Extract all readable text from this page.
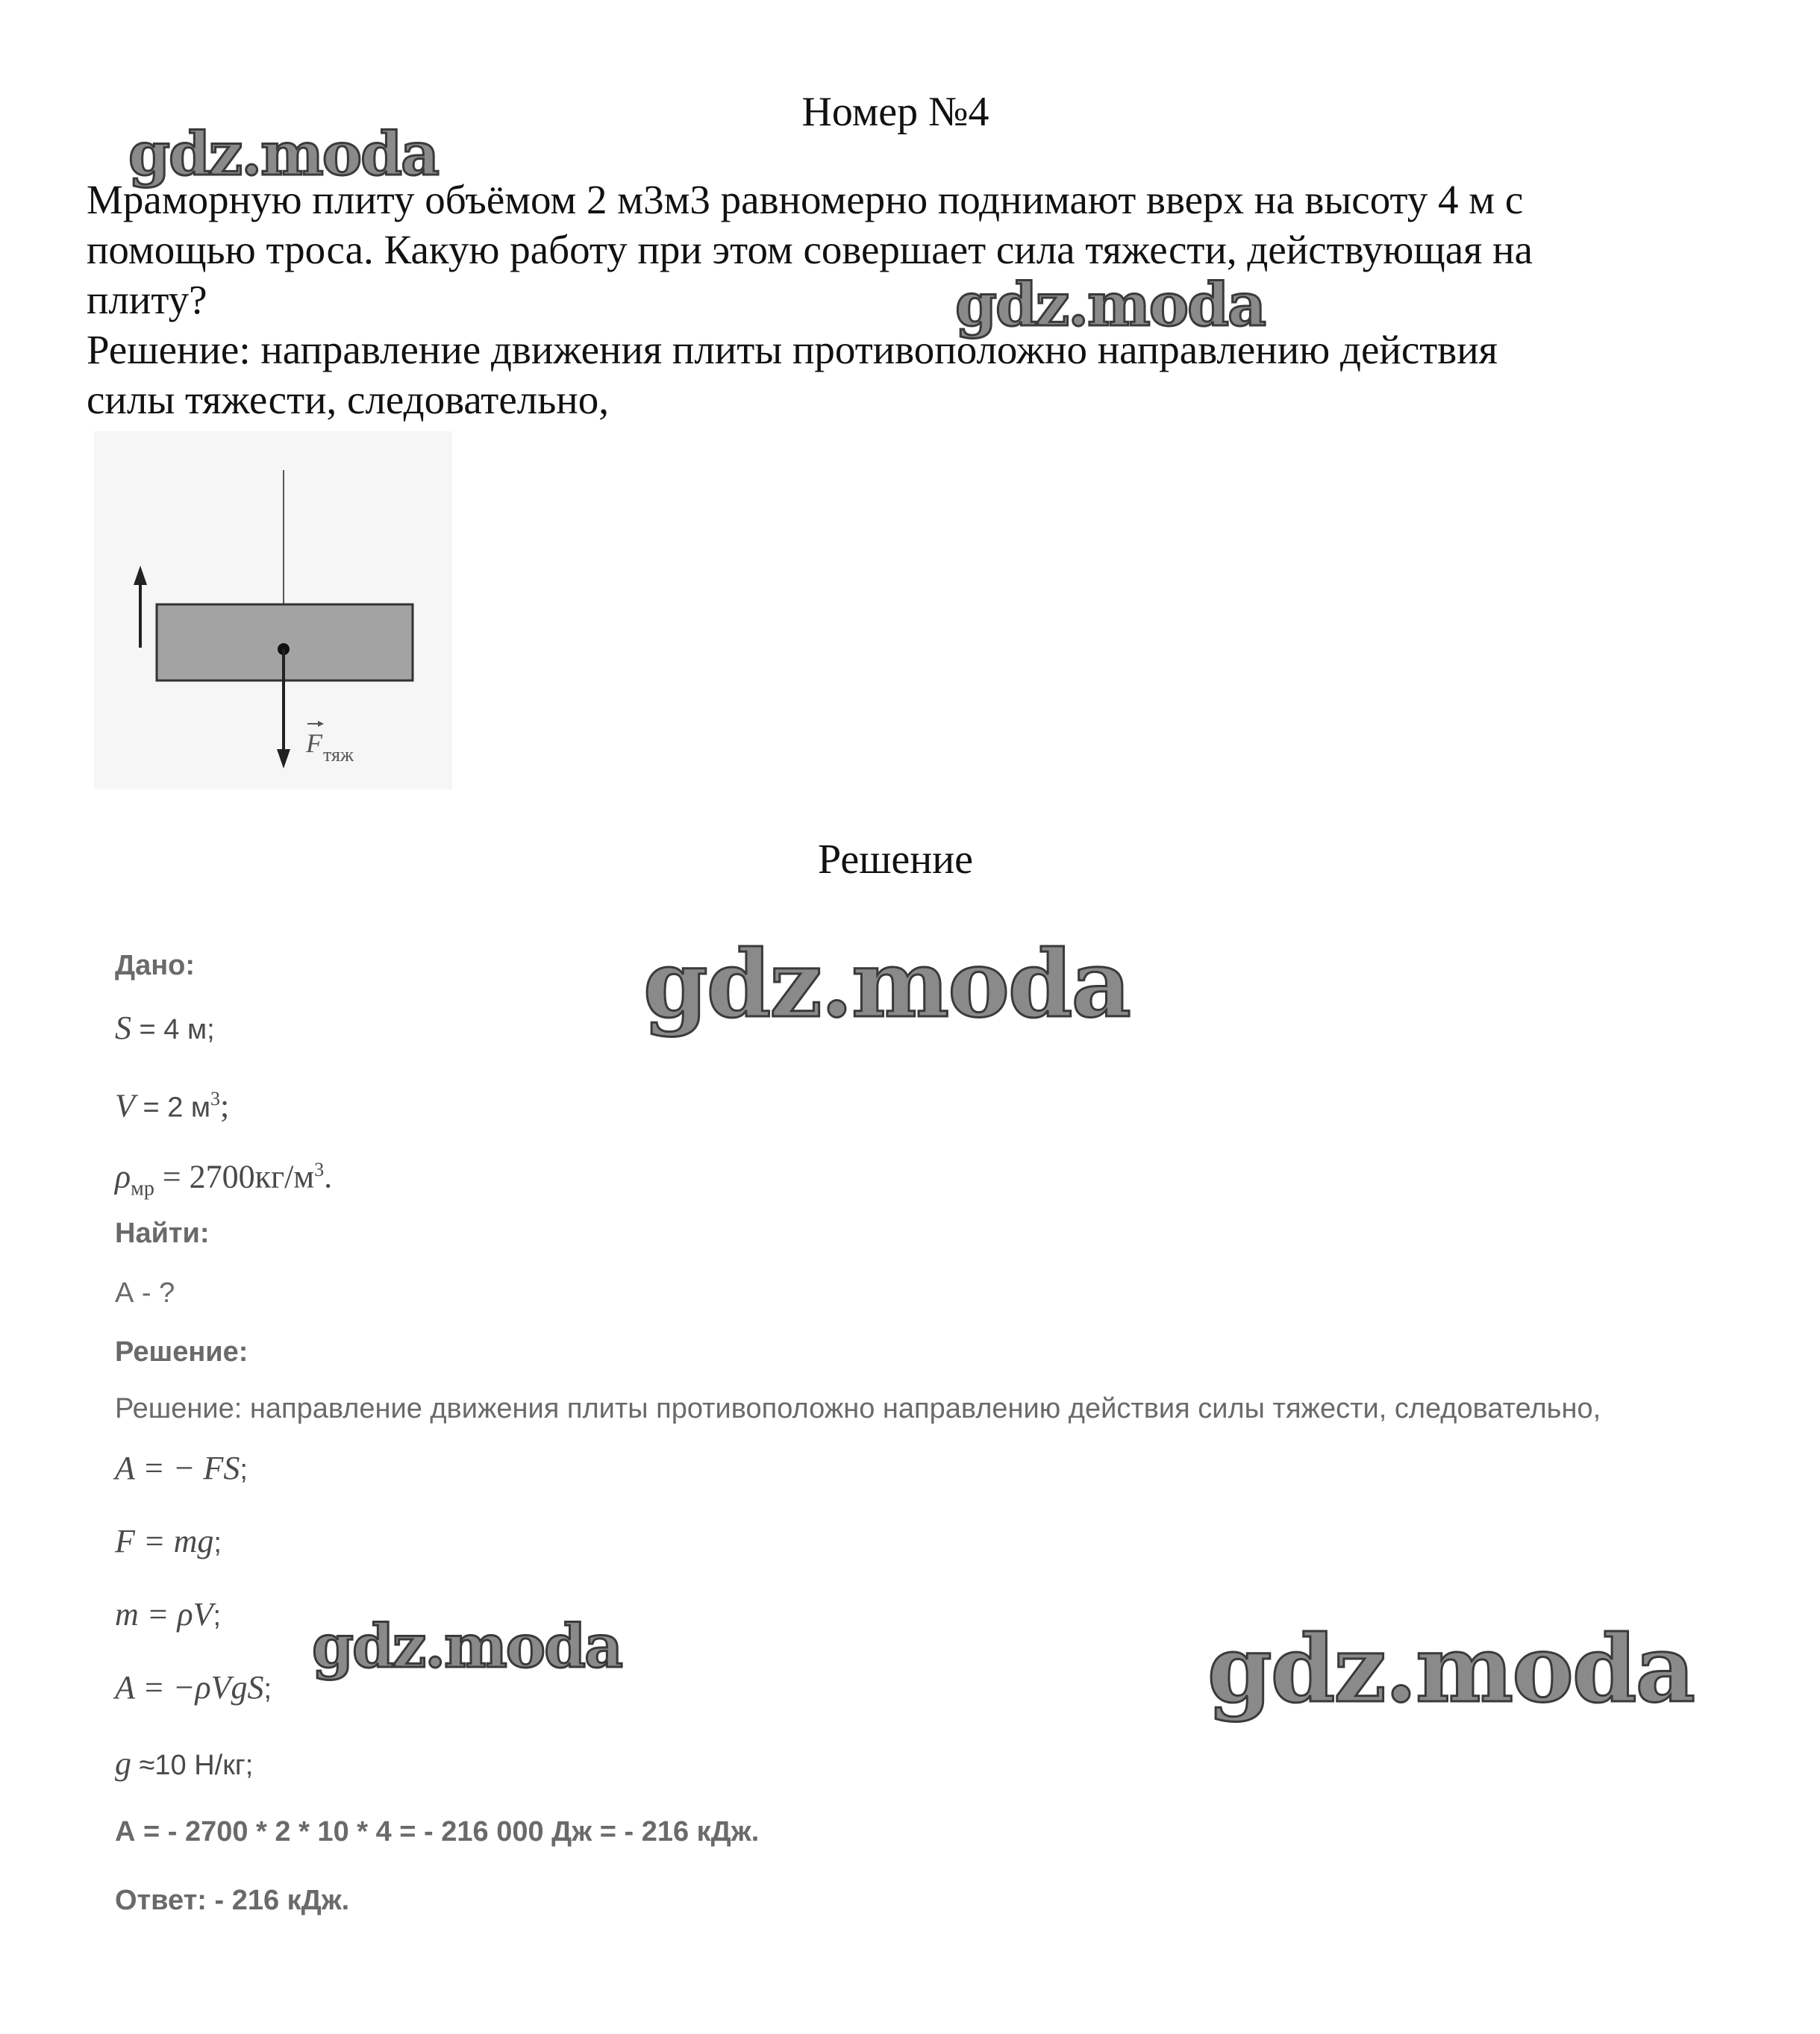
Номер №4

Мраморную плиту объёмом 2 м3м3 равномерно поднимают вверх на высоту 4 м с

помощью троса. Какую работу при этом совершает сила тяжести, действующая на

плиту?

Решение: направление движения плиты противоположно направлению действия

силы тяжести, следовательно,

F тяж
Решение
Дано:
S = 4 м;
V = 2 $м^3$;
$\rho_{мр} = 2700кг/м^3$.
Найти:
А - ?
Решение:
Решение: направление движения плиты противоположно направлению действия силы тяжести, следовательно,
A = − FS;
F = mg;
m = ρV;
A = −ρVgS;
g ≈10 Н/кг;
А = - 2700 * 2 * 10 * 4 = - 216 000 Дж = - 216 кДж.
Ответ: - 216 кДж.
gdz.moda
gdz.moda
gdz.moda
gdz.moda	gdz.moda
